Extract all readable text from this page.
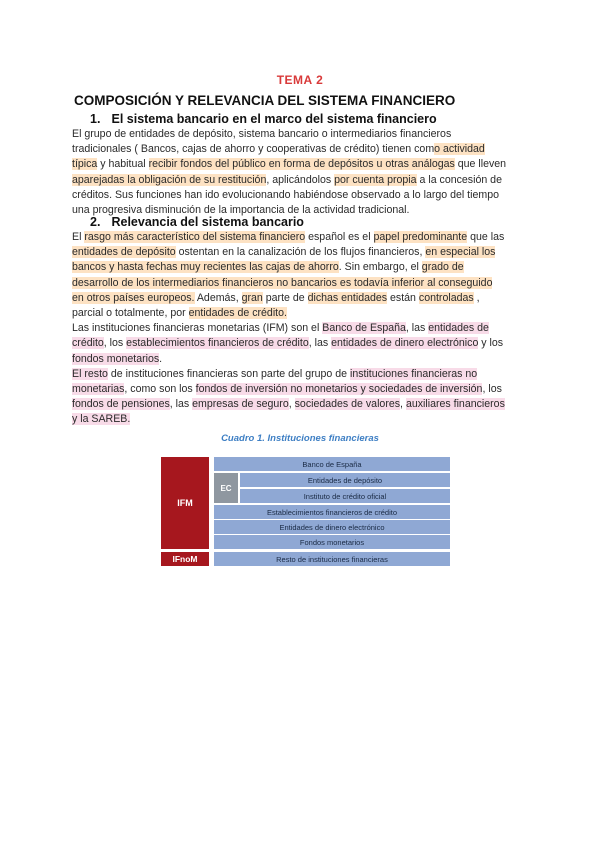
TEMA 2
COMPOSICIÓN Y RELEVANCIA DEL SISTEMA FINANCIERO
1. El sistema bancario en el marco del sistema financiero
El grupo de entidades de depósito, sistema bancario o intermediarios financieros
tradicionales ( Bancos, cajas de ahorro y cooperativas de crédito) tienen como actividad
típica y habitual recibir fondos del público en forma de depósitos u otras análogas que lleven
aparejadas la obligación de su restitución, aplicándolos por cuenta propia a la concesión de
créditos. Sus funciones han ido evolucionando habiéndose observado a lo largo del tiempo
una progresiva disminución de la importancia de la actividad tradicional.
2. Relevancia del sistema bancario
El rasgo más característico del sistema financiero español es el papel predominante que las
entidades de depósito ostentan en la canalización de los flujos financieros, en especial los
bancos y hasta fechas muy recientes las cajas de ahorro. Sin embargo, el grado de
desarrollo de los intermediarios financieros no bancarios es todavía inferior al conseguido
en otros países europeos. Además, gran parte de dichas entidades están controladas ,
parcial o totalmente, por entidades de crédito.
Las instituciones financieras monetarias (IFM) son el Banco de España, las entidades de
crédito, los establecimientos financieros de crédito, las entidades de dinero electrónico y los
fondos monetarios.
El resto de instituciones financieras son parte del grupo de instituciones financieras no
monetarias, como son los fondos de inversión no monetarios y sociedades de inversión, los
fondos de pensiones, las empresas de seguro, sociedades de valores, auxiliares financieros
y la SAREB.
Cuadro 1. Instituciones financieras
IFM
IFnoM
EC
Banco de España
Entidades de depósito
Instituto de crédito oficial
Establecimientos financieros de crédito
Entidades de dinero electrónico
Fondos monetarios
Resto de instituciones financieras
